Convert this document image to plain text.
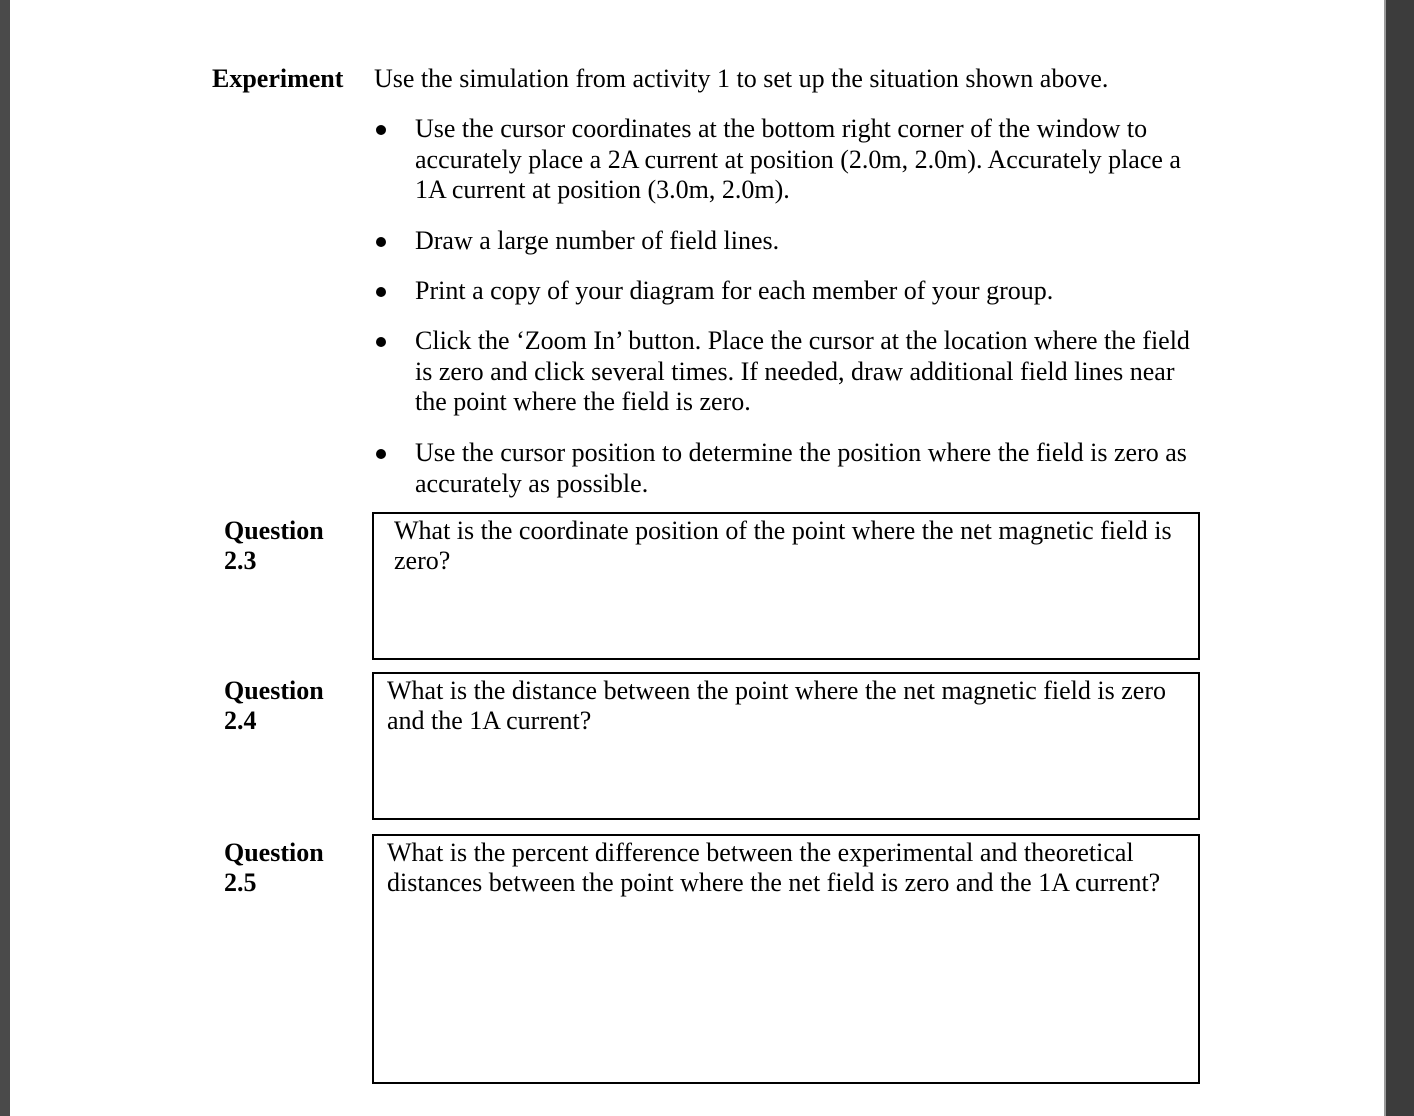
Experiment Use the simulation from activity 1 to set up the situation shown above.
Use the cursor coordinates at the bottom right corner of the window to accurately place a 2A current at position (2.0m, 2.0m). Accurately place a 1A current at position (3.0m, 2.0m).
Draw a large number of field lines.
Print a copy of your diagram for each member of your group.
Click the ‘Zoom In’ button. Place the cursor at the location where the field is zero and click several times. If needed, draw additional field lines near the point where the field is zero.
Use the cursor position to determine the position where the field is zero as accurately as possible.
Question
2.3
What is the coordinate position of the point where the net magnetic field is zero?
Question
2.4
What is the distance between the point where the net magnetic field is zero and the 1A current?
Question
2.5
What is the percent difference between the experimental and theoretical distances between the point where the net field is zero and the 1A current?
